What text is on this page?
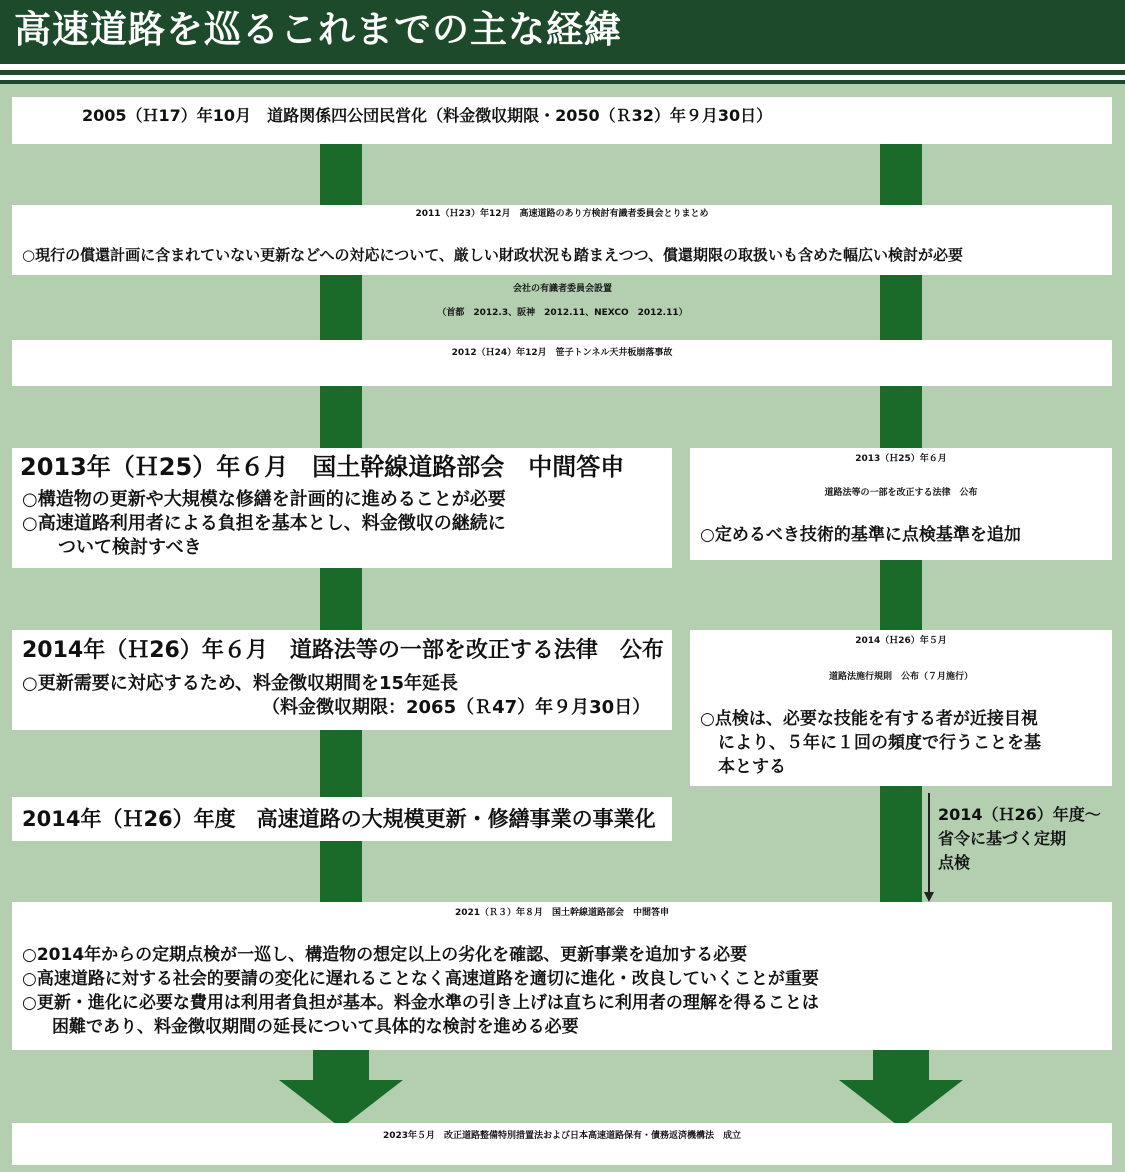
高速道路を巡るこれまでの主な経緯
2005（Ｈ17）年10月　道路関係四公団民営化（料金徴収期限・2050（Ｒ32）年９月30日）
2011（Ｈ23）年12月　高速道路のあり方検討有識者委員会とりまとめ
○現行の償還計画に含まれていない更新などへの対応について、厳しい財政状況も踏まえつつ、償還期限の取扱いも含めた幅広い検討が必要
会社の有識者委員会設置
（首都　2012.3、阪神　2012.11、NEXCO　2012.11）
2012（Ｈ24）年12月　笹子トンネル天井板崩落事故
2013年（Ｈ25）年６月　国土幹線道路部会　中間答申
○構造物の更新や大規模な修繕を計画的に進めることが必要
○高速道路利用者による負担を基本とし、料金徴収の継続に
ついて検討すべき
2013（Ｈ25）年６月
道路法等の一部を改正する法律　公布
○定めるべき技術的基準に点検基準を追加
2014年（Ｈ26）年６月　道路法等の一部を改正する法律　公布
○更新需要に対応するため、料金徴収期間を15年延長
（料金徴収期限：2065（Ｒ47）年９月30日）
2014（Ｈ26）年５月
道路法施行規則　公布（７月施行）
○点検は、必要な技能を有する者が近接目視
により、５年に１回の頻度で行うことを基
本とする
2014年（Ｈ26）年度　高速道路の大規模更新・修繕事業の事業化	2014（Ｈ26）年度～
省令に基づく定期
点検
2021（Ｒ３）年８月　国土幹線道路部会　中間答申
○2014年からの定期点検が一巡し、構造物の想定以上の劣化を確認、更新事業を追加する必要
○高速道路に対する社会的要請の変化に遅れることなく高速道路を適切に進化・改良していくことが重要
○更新・進化に必要な費用は利用者負担が基本。料金水準の引き上げは直ちに利用者の理解を得ることは
困難であり、料金徴収期間の延長について具体的な検討を進める必要
2023年５月　改正道路整備特別措置法および日本高速道路保有・債務返済機構法　成立
